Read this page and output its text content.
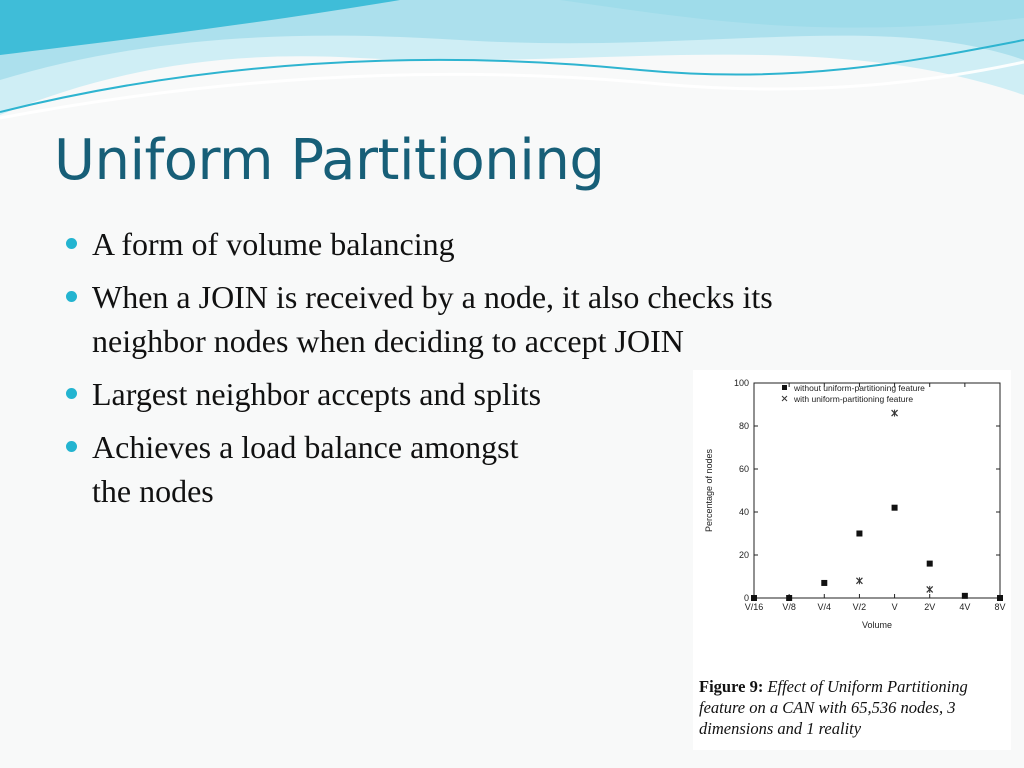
Uniform Partitioning
A form of volume balancing
When a JOIN is received by a node, it also checks its
neighbor nodes when deciding to accept JOIN
Largest neighbor accepts and splits
Achieves a load balance amongst
the nodes
0
20
40
60
80
100
V/16 V/8 V/4 V/2	V	2V	4V	8V
Volume
Percentage of nodes
without uniform-partitioning feature
with uniform-partitioning feature
Figure 9: Effect of Uniform Partitioning feature on a CAN with 65,536 nodes, 3 dimensions and 1 reality
